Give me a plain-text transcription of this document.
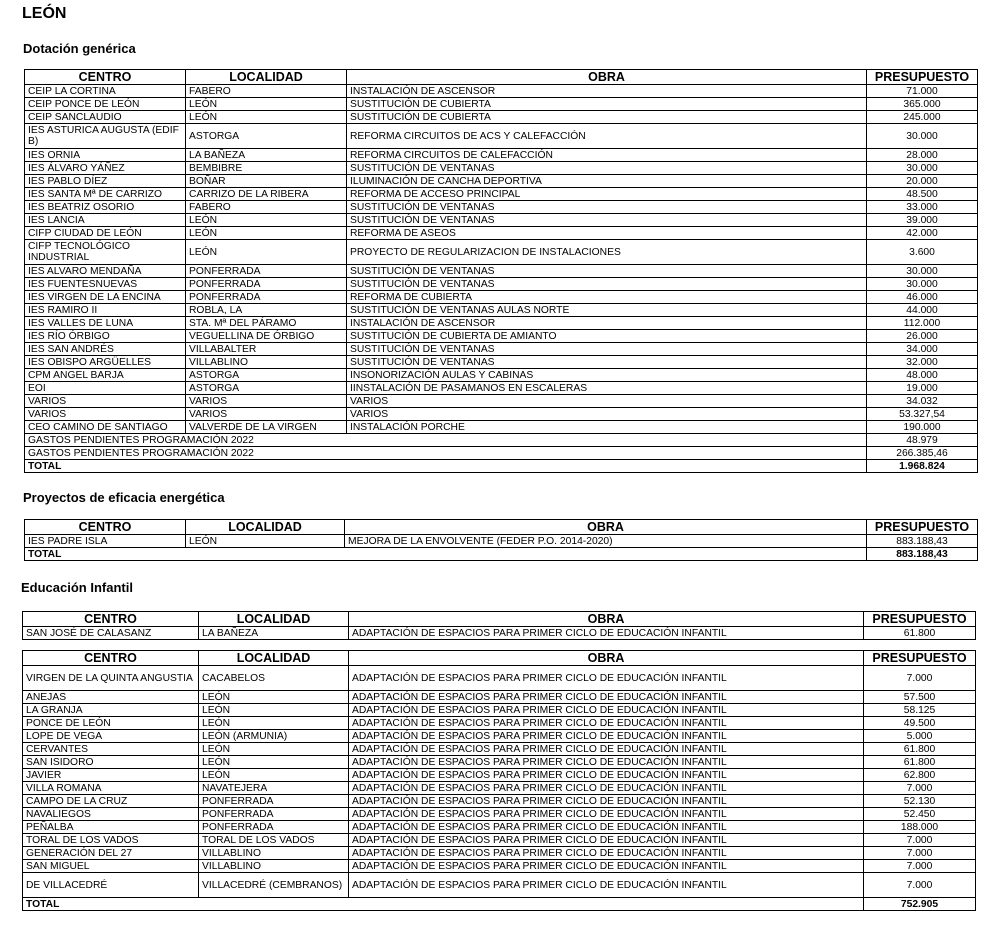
LEÓN
Dotación genérica
CENTRO	LOCALIDAD	OBRA	PRESUPUESTO
CEIP LA CORTINA	FABERO	INSTALACIÓN DE ASCENSOR	71.000
CEIP PONCE DE LEÓN	LEÓN	SUSTITUCIÓN DE CUBIERTA	365.000
CEIP SANCLAUDIO	LEÓN	SUSTITUCIÓN DE CUBIERTA	245.000
IES ASTURICA AUGUSTA (EDIF B)	ASTORGA	REFORMA CIRCUITOS DE ACS Y CALEFACCIÓN	30.000
IES ORNIA	LA BAÑEZA	REFORMA CIRCUITOS DE CALEFACCIÓN	28.000
IES ÁLVARO YÁÑEZ	BEMBIBRE	SUSTITUCIÓN DE VENTANAS	30.000
IES PABLO DÍEZ	BOÑAR	ILUMINACIÓN DE CANCHA DEPORTIVA	20.000
IES SANTA Mª DE CARRIZO	CARRIZO DE LA RIBERA	REFORMA DE ACCESO PRINCIPAL	48.500
IES BEATRIZ OSORIO	FABERO	SUSTITUCIÓN DE VENTANAS	33.000
IES LANCIA	LEÓN	SUSTITUCIÓN DE VENTANAS	39.000
CIFP CIUDAD DE LEÓN	LEÓN	REFORMA DE ASEOS	42.000
CIFP TECNOLÓGICO INDUSTRIAL	LEÓN	PROYECTO DE REGULARIZACION DE INSTALACIONES	3.600
IES ALVARO MENDAÑA	PONFERRADA	SUSTITUCIÓN DE VENTANAS	30.000
IES FUENTESNUEVAS	PONFERRADA	SUSTITUCIÓN DE VENTANAS	30.000
IES VIRGEN DE LA ENCINA	PONFERRADA	REFORMA DE CUBIERTA	46.000
IES RAMIRO II	ROBLA, LA	SUSTITUCIÓN DE VENTANAS AULAS NORTE	44.000
IES VALLES DE LUNA	STA. Mª DEL PÁRAMO	INSTALACIÓN DE ASCENSOR	112.000
IES RÍO ÓRBIGO	VEGUELLINA DE ÓRBIGO	SUSTITUCIÓN DE CUBIERTA DE AMIANTO	26.000
IES SAN ANDRÉS	VILLABALTER	SUSTITUCIÓN DE VENTANAS	34.000
IES OBISPO ARGÜELLES	VILLABLINO	SUSTITUCIÓN DE VENTANAS	32.000
CPM ANGEL BARJA	ASTORGA	INSONORIZACIÓN AULAS Y CABINAS	48.000
EOI	ASTORGA	IINSTALACIÓN DE PASAMANOS EN ESCALERAS	19.000
VARIOS	VARIOS	VARIOS	34.032
VARIOS	VARIOS	VARIOS	53.327,54
CEO CAMINO DE SANTIAGO	VALVERDE DE LA VIRGEN	INSTALACIÓN PORCHE	190.000
GASTOS PENDIENTES PROGRAMACIÓN 2022			48.979
GASTOS PENDIENTES PROGRAMACIÓN 2022			266.385,46
TOTAL			1.968.824
Proyectos de eficacia energética
CENTRO	LOCALIDAD	OBRA	PRESUPUESTO
IES PADRE ISLA	LEÓN	MEJORA DE LA ENVOLVENTE (FEDER P.O. 2014-2020)	883.188,43
TOTAL			883.188,43
Educación Infantil
CENTRO	LOCALIDAD	OBRA	PRESUPUESTO
SAN JOSÉ DE CALASANZ	LA BAÑEZA	ADAPTACIÓN DE ESPACIOS PARA PRIMER CICLO DE EDUCACIÓN INFANTIL	61.800
CENTRO	LOCALIDAD	OBRA	PRESUPUESTO
VIRGEN DE LA QUINTA ANGUSTIA	CACABELOS	ADAPTACIÓN DE ESPACIOS PARA PRIMER CICLO DE EDUCACIÓN INFANTIL	7.000
ANEJAS	LEÓN	ADAPTACIÓN DE ESPACIOS PARA PRIMER CICLO DE EDUCACIÓN INFANTIL	57.500
LA GRANJA	LEÓN	ADAPTACIÓN DE ESPACIOS PARA PRIMER CICLO DE EDUCACIÓN INFANTIL	58.125
PONCE DE LEÓN	LEÓN	ADAPTACIÓN DE ESPACIOS PARA PRIMER CICLO DE EDUCACIÓN INFANTIL	49.500
LOPE DE VEGA	LEÓN (ARMUNIA)	ADAPTACIÓN DE ESPACIOS PARA PRIMER CICLO DE EDUCACIÓN INFANTIL	5.000
CERVANTES	LEÓN	ADAPTACIÓN DE ESPACIOS PARA PRIMER CICLO DE EDUCACIÓN INFANTIL	61.800
SAN ISIDORO	LEÓN	ADAPTACIÓN DE ESPACIOS PARA PRIMER CICLO DE EDUCACIÓN INFANTIL	61.800
JAVIER	LEÓN	ADAPTACIÓN DE ESPACIOS PARA PRIMER CICLO DE EDUCACIÓN INFANTIL	62.800
VILLA ROMANA	NAVATEJERA	ADAPTACIÓN DE ESPACIOS PARA PRIMER CICLO DE EDUCACIÓN INFANTIL	7.000
CAMPO DE LA CRUZ	PONFERRADA	ADAPTACIÓN DE ESPACIOS PARA PRIMER CICLO DE EDUCACIÓN INFANTIL	52.130
NAVALIEGOS	PONFERRADA	ADAPTACIÓN DE ESPACIOS PARA PRIMER CICLO DE EDUCACIÓN INFANTIL	52.450
PEÑALBA	PONFERRADA	ADAPTACIÓN DE ESPACIOS PARA PRIMER CICLO DE EDUCACIÓN INFANTIL	188.000
TORAL DE LOS VADOS	TORAL DE LOS VADOS	ADAPTACIÓN DE ESPACIOS PARA PRIMER CICLO DE EDUCACIÓN INFANTIL	7.000
GENERACIÓN DEL 27	VILLABLINO	ADAPTACIÓN DE ESPACIOS PARA PRIMER CICLO DE EDUCACIÓN INFANTIL	7.000
SAN MIGUEL	VILLABLINO	ADAPTACIÓN DE ESPACIOS PARA PRIMER CICLO DE EDUCACIÓN INFANTIL	7.000
DE VILLACEDRÉ	VILLACEDRÉ (CEMBRANOS)	ADAPTACIÓN DE ESPACIOS PARA PRIMER CICLO DE EDUCACIÓN INFANTIL	7.000
TOTAL			752.905
